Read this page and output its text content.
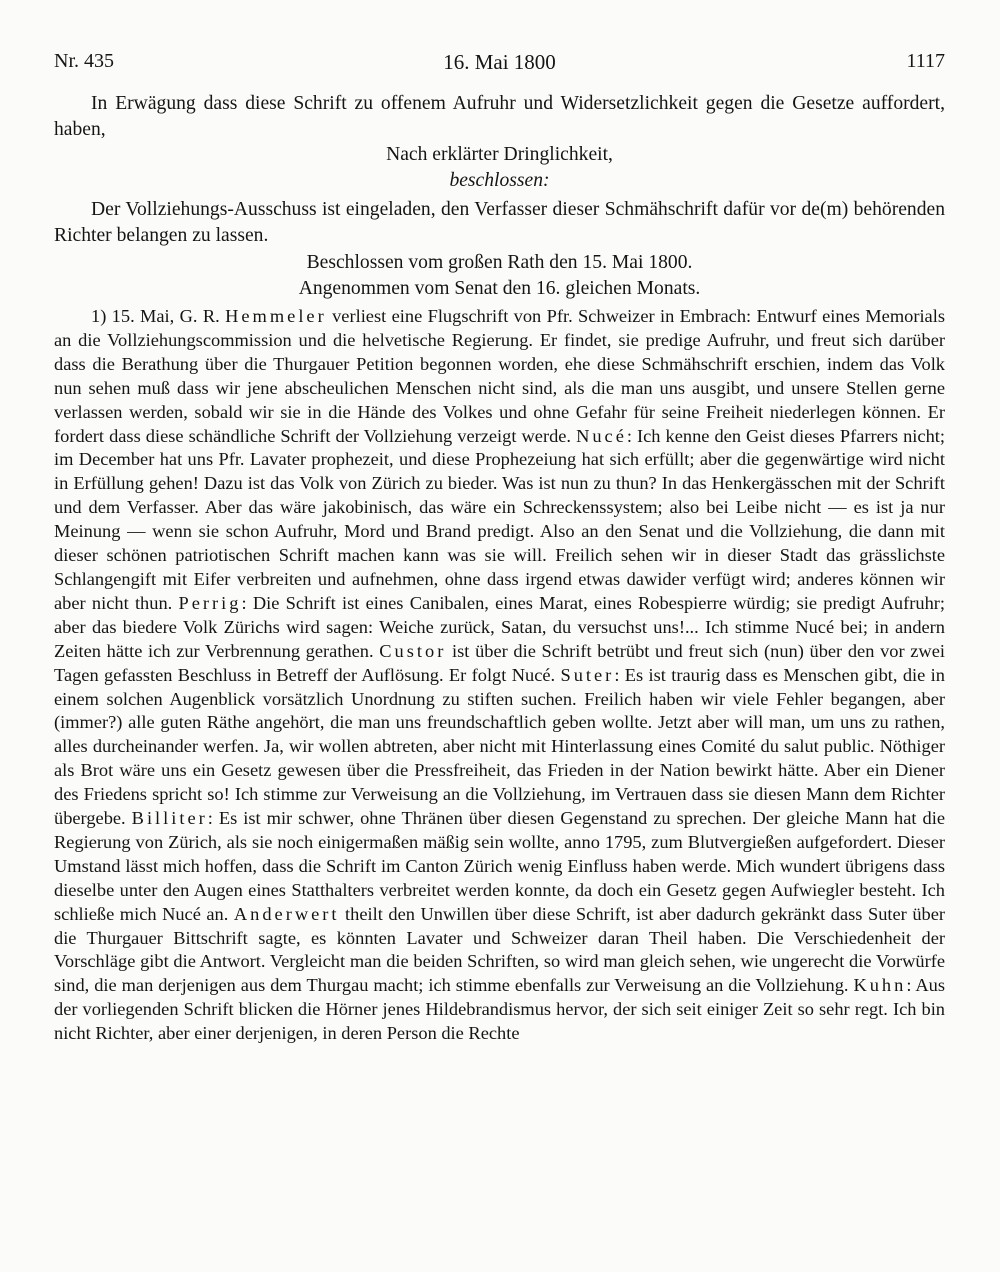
Nr. 435	16. Mai 1800	1117

In Erwägung dass diese Schrift zu offenem Aufruhr und Widersetzlichkeit gegen die Gesetze auffordert, haben,

Nach erklärter Dringlichkeit,

beschlossen:

Der Vollziehungs-Ausschuss ist eingeladen, den Verfasser dieser Schmähschrift dafür vor de(m) behörenden Richter belangen zu lassen.

Beschlossen vom großen Rath den 15. Mai 1800.

Angenommen vom Senat den 16. gleichen Monats.

1) 15. Mai, G. R. Hemmeler verliest eine Flugschrift von Pfr. Schweizer in Embrach: Entwurf eines Memorials an die Vollziehungscommission und die helvetische Regierung. Er findet, sie predige Aufruhr, und freut sich darüber dass die Berathung über die Thurgauer Petition begonnen worden, ehe diese Schmähschrift erschien, indem das Volk nun sehen muß dass wir jene abscheulichen Menschen nicht sind, als die man uns ausgibt, und unsere Stellen gerne verlassen werden, sobald wir sie in die Hände des Volkes und ohne Gefahr für seine Freiheit niederlegen können. Er fordert dass diese schändliche Schrift der Vollziehung verzeigt werde. Nucé: Ich kenne den Geist dieses Pfarrers nicht; im December hat uns Pfr. Lavater prophezeit, und diese Prophezeiung hat sich erfüllt; aber die gegenwärtige wird nicht in Erfüllung gehen! Dazu ist das Volk von Zürich zu bieder. Was ist nun zu thun? In das Henkergässchen mit der Schrift und dem Verfasser. Aber das wäre jakobinisch, das wäre ein Schreckenssystem; also bei Leibe nicht — es ist ja nur Meinung — wenn sie schon Aufruhr, Mord und Brand predigt. Also an den Senat und die Vollziehung, die dann mit dieser schönen patriotischen Schrift machen kann was sie will. Freilich sehen wir in dieser Stadt das grässlichste Schlangengift mit Eifer verbreiten und aufnehmen, ohne dass irgend etwas dawider verfügt wird; anderes können wir aber nicht thun. Perrig: Die Schrift ist eines Canibalen, eines Marat, eines Robespierre würdig; sie predigt Aufruhr; aber das biedere Volk Zürichs wird sagen: Weiche zurück, Satan, du versuchst uns!... Ich stimme Nucé bei; in andern Zeiten hätte ich zur Verbrennung gerathen. Custor ist über die Schrift betrübt und freut sich (nun) über den vor zwei Tagen gefassten Beschluss in Betreff der Auflösung. Er folgt Nucé. Suter: Es ist traurig dass es Menschen gibt, die in einem solchen Augenblick vorsätzlich Unordnung zu stiften suchen. Freilich haben wir viele Fehler begangen, aber (immer?) alle guten Räthe angehört, die man uns freundschaftlich geben wollte. Jetzt aber will man, um uns zu rathen, alles durcheinander werfen. Ja, wir wollen abtreten, aber nicht mit Hinterlassung eines Comité du salut public. Nöthiger als Brot wäre uns ein Gesetz gewesen über die Pressfreiheit, das Frieden in der Nation bewirkt hätte. Aber ein Diener des Friedens spricht so! Ich stimme zur Verweisung an die Vollziehung, im Vertrauen dass sie diesen Mann dem Richter übergebe. Billiter: Es ist mir schwer, ohne Thränen über diesen Gegenstand zu sprechen. Der gleiche Mann hat die Regierung von Zürich, als sie noch einigermaßen mäßig sein wollte, anno 1795, zum Blutvergießen aufgefordert. Dieser Umstand lässt mich hoffen, dass die Schrift im Canton Zürich wenig Einfluss haben werde. Mich wundert übrigens dass dieselbe unter den Augen eines Statthalters verbreitet werden konnte, da doch ein Gesetz gegen Aufwiegler besteht. Ich schließe mich Nucé an. Anderwert theilt den Unwillen über diese Schrift, ist aber dadurch gekränkt dass Suter über die Thurgauer Bittschrift sagte, es könnten Lavater und Schweizer daran Theil haben. Die Verschiedenheit der Vorschläge gibt die Antwort. Vergleicht man die beiden Schriften, so wird man gleich sehen, wie ungerecht die Vorwürfe sind, die man derjenigen aus dem Thurgau macht; ich stimme ebenfalls zur Verweisung an die Vollziehung. Kuhn: Aus der vorliegenden Schrift blicken die Hörner jenes Hildebrandismus hervor, der sich seit einiger Zeit so sehr regt. Ich bin nicht Richter, aber einer derjenigen, in deren Person die Rechte
